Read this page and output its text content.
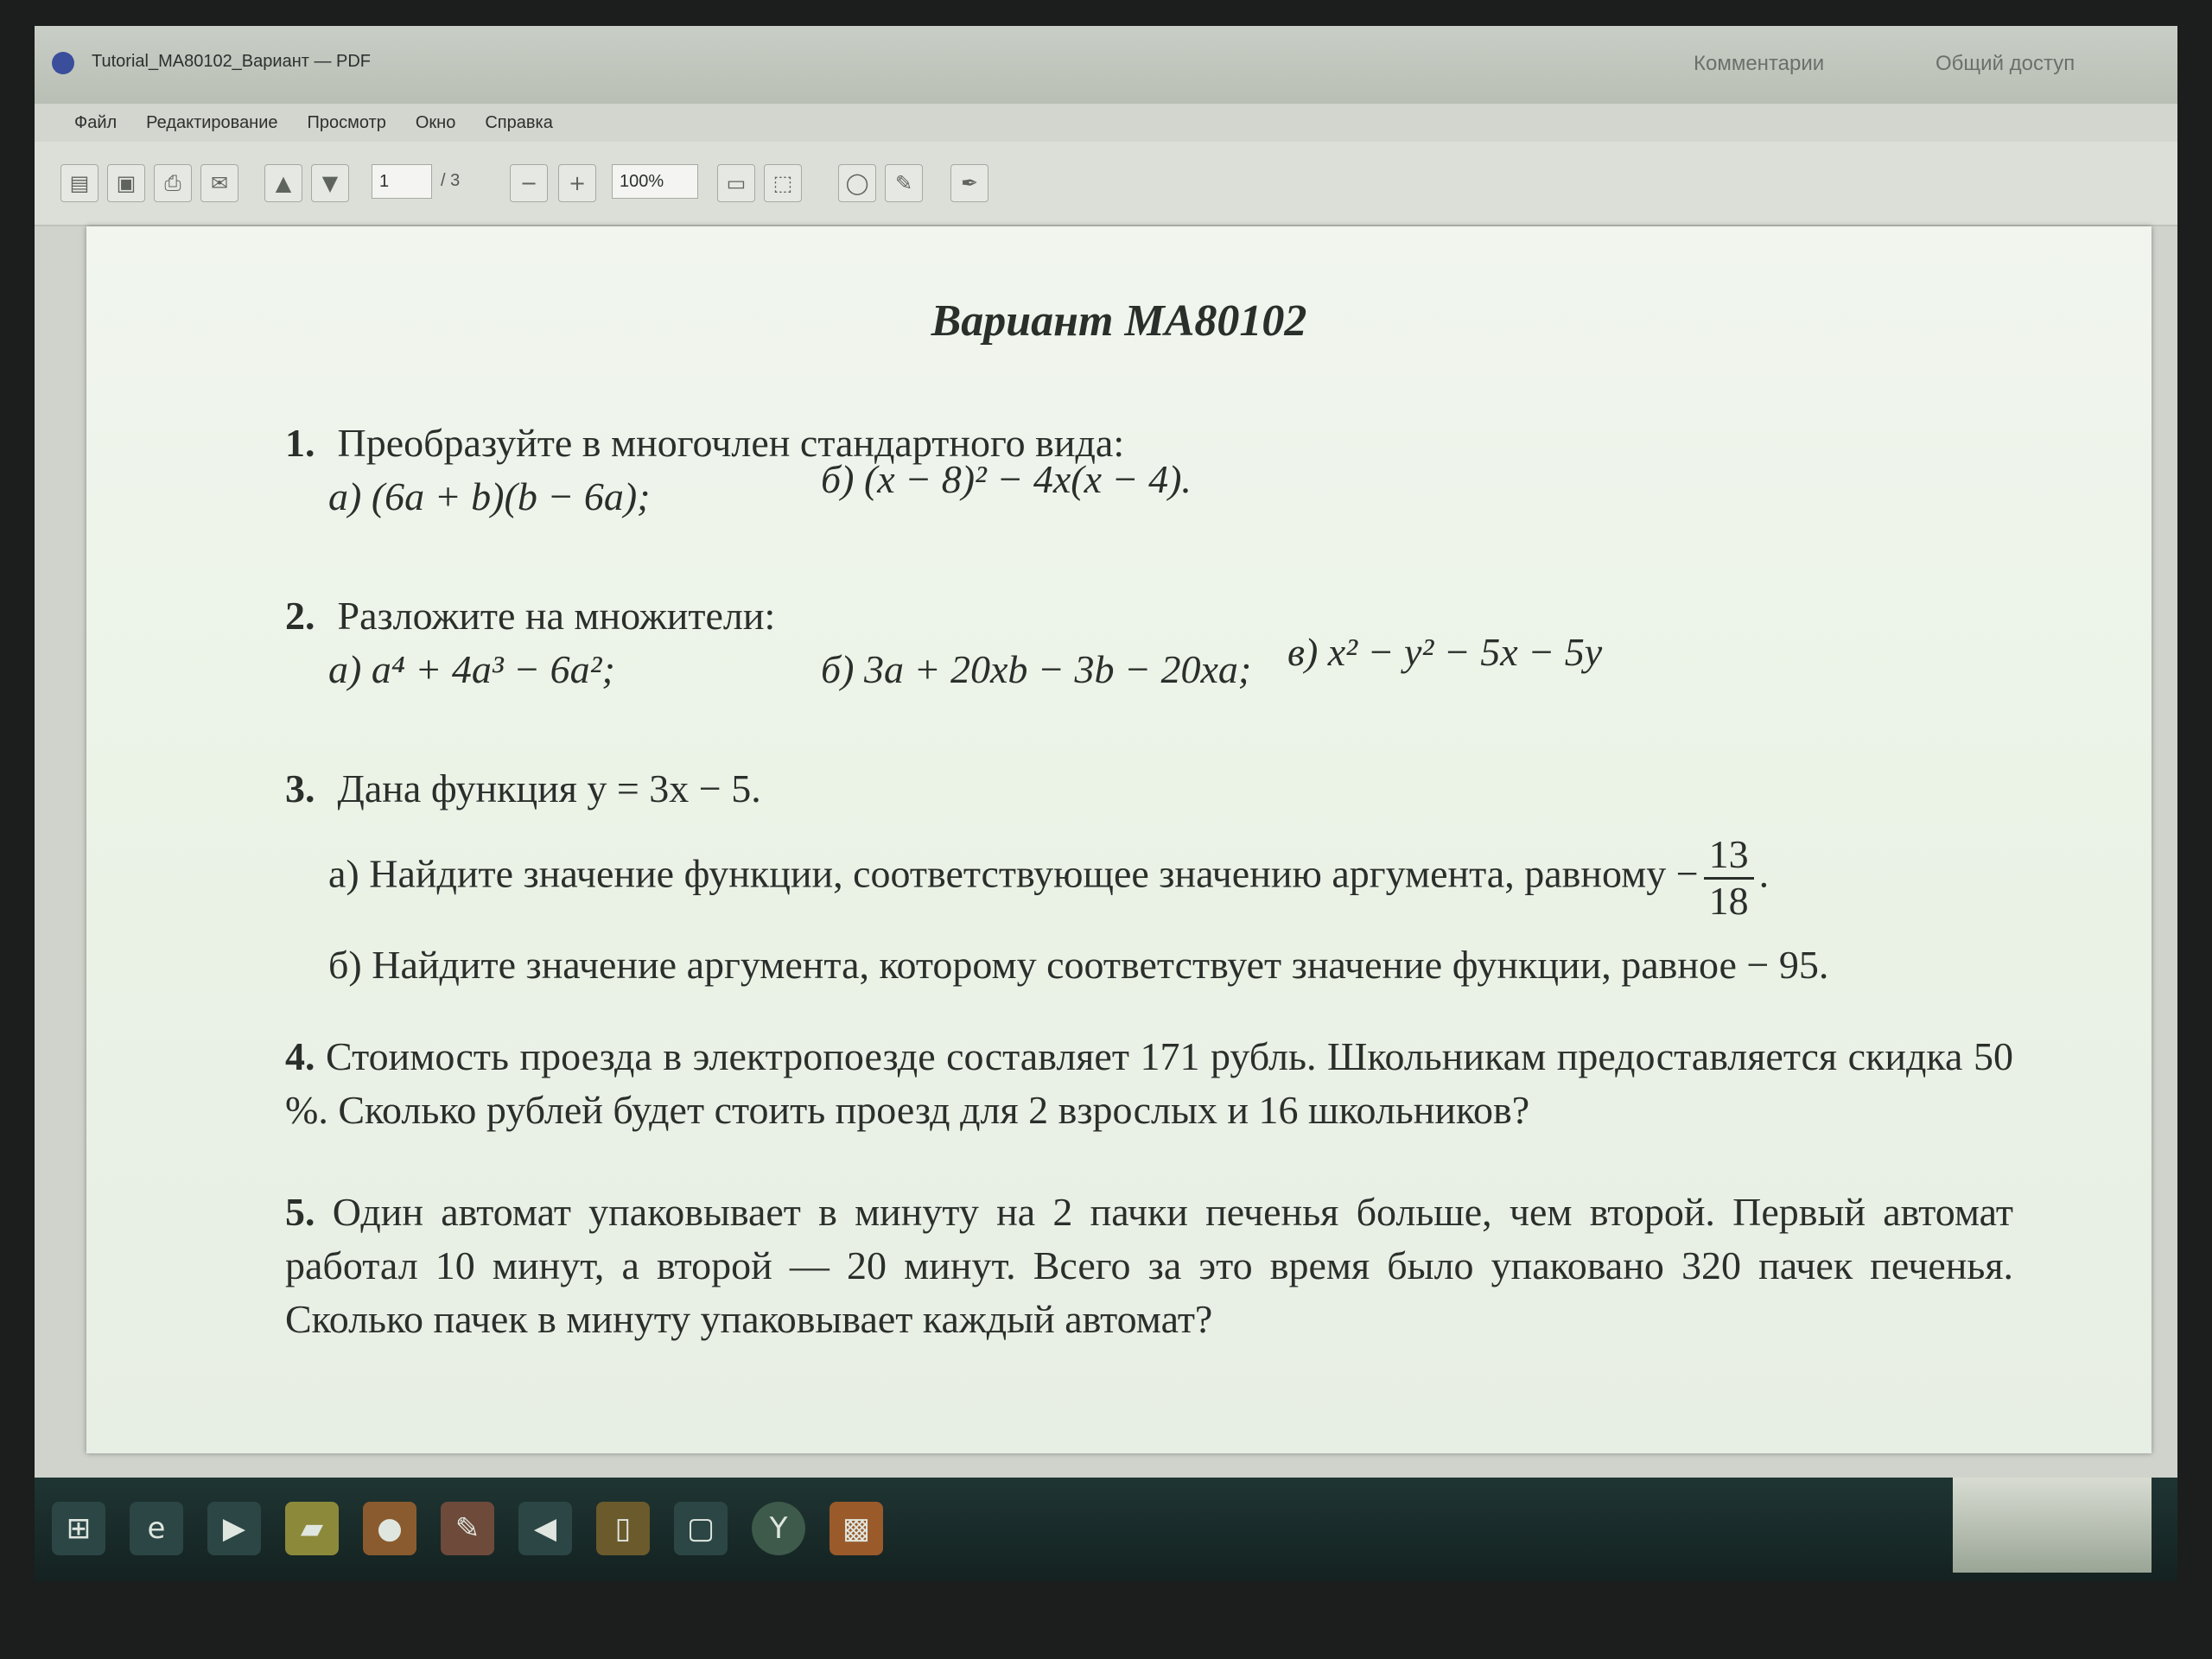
Tutorial_MA80102_Вариант — PDF	Комментарии	Общий доступ
Файл Редактирование Просмотр Окно Справка
▤	▣	⎙	✉	▲	▼	1	/ 3	−	+	100%	▭	⬚	◯	✎	✒
Вариант МА80102
1. Преобразуйте в многочлен стандартного вида:
а) (6a + b)(b − 6a);	б) (x − 8)² − 4x(x − 4).
2. Разложите на множители:
а) a⁴ + 4a³ − 6a²;	б) 3a + 20xb − 3b − 20xa; в) x² − y² − 5x − 5y
3. Дана функция y = 3x − 5.
а) Найдите значение функции, соответствующее значению аргумента, равному − $\frac{13}{18}$ .
б) Найдите значение аргумента, которому соответствует значение функции, равное − 95.
4. Стоимость проезда в электропоезде составляет 171 рубль. Школьникам предоставляется скидка 50 %. Сколько рублей будет стоить проезд для 2 взрослых и 16 школьников?
5. Один автомат упаковывает в минуту на 2 пачки печенья больше, чем второй. Первый автомат работал 10 минут, а второй — 20 минут. Всего за это время было упаковано 320 пачек печенья. Сколько пачек в минуту упаковывает каждый автомат?
⊞	e	▶	▰	●	✎	◀	▯	▢	Y	▩
